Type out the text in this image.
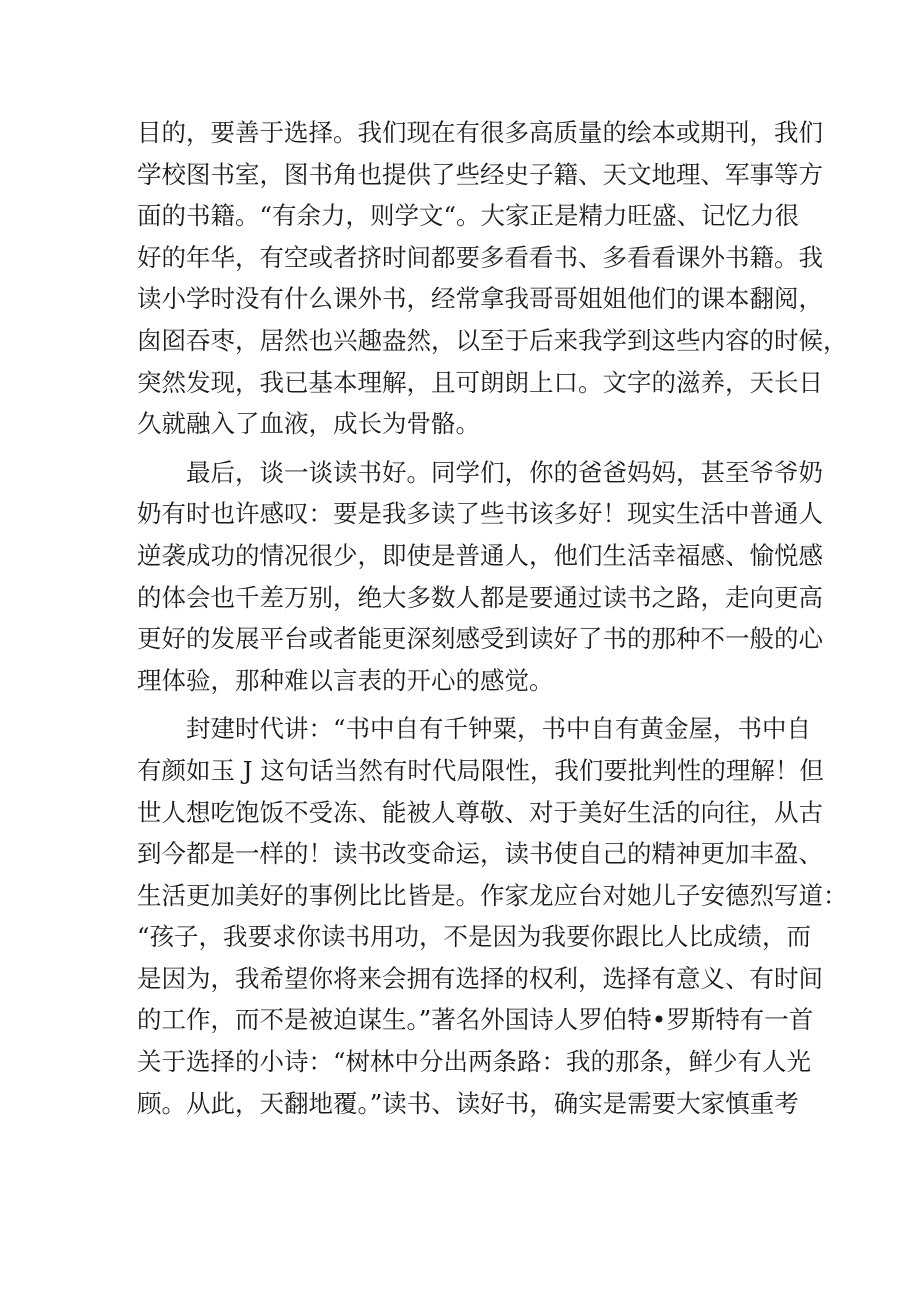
目的，要善于选择。我们现在有很多高质量的绘本或期刊，我们
学校图书室，图书角也提供了些经史子籍、天文地理、军事等方
面的书籍。“有余力，则学文“。大家正是精力旺盛、记忆力很
好的年华，有空或者挤时间都要多看看书、多看看课外书籍。我
读小学时没有什么课外书，经常拿我哥哥姐姐他们的课本翻阅，
囱囵吞枣，居然也兴趣盎然，以至于后来我学到这些内容的时候，
突然发现，我已基本理解，且可朗朗上口。文字的滋养，天长日
久就融入了血液，成长为骨骼。
　　最后，谈一谈读书好。同学们，你的爸爸妈妈，甚至爷爷奶
奶有时也许感叹：要是我多读了些书该多好！现实生活中普通人
逆袭成功的情况很少，即使是普通人，他们生活幸福感、愉悦感
的体会也千差万别，绝大多数人都是要通过读书之路，走向更高
更好的发展平台或者能更深刻感受到读好了书的那种不一般的心
理体验，那种难以言表的开心的感觉。
　　封建时代讲：“书中自有千钟粟，书中自有黄金屋，书中自
有颜如玉 J 这句话当然有时代局限性，我们要批判性的理解！但
世人想吃饱饭不受冻、能被人尊敬、对于美好生活的向往，从古
到今都是一样的！读书改变命运，读书使自己的精神更加丰盈、
生活更加美好的事例比比皆是。作家龙应台对她儿子安德烈写道：
“孩子，我要求你读书用功，不是因为我要你跟比人比成绩，而
是因为，我希望你将来会拥有选择的权利，选择有意义、有时间
的工作，而不是被迫谋生。”著名外国诗人罗伯特•罗斯特有一首
关于选择的小诗：“树林中分出两条路：我的那条，鲜少有人光
顾。从此，天翻地覆。”读书、读好书，确实是需要大家慎重考
